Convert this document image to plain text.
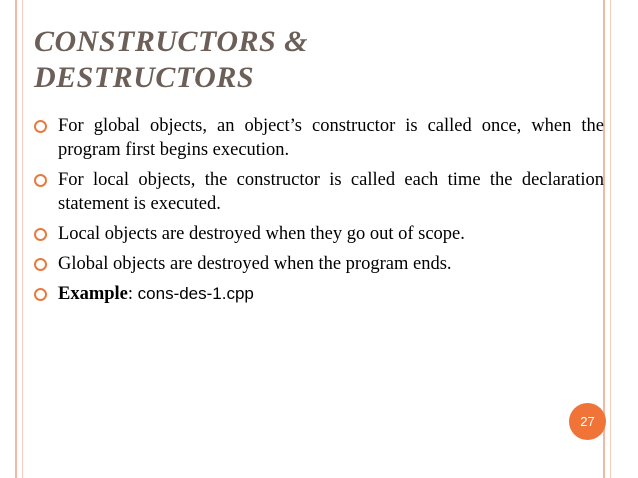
CONSTRUCTORS &
DESTRUCTORS
For global objects, an object’s constructor is called once, when the program first begins execution.
For local objects, the constructor is called each time the declaration statement is executed.
Local objects are destroyed when they go out of scope.
Global objects are destroyed when the program ends.
Example: cons-des-1.cpp
27
